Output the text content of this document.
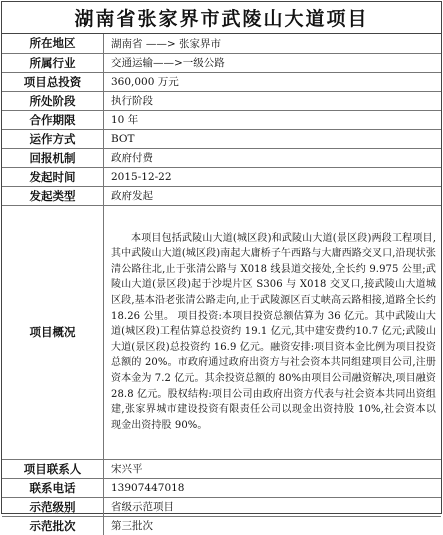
湖南省张家界市武陵山大道项目
所在地区	湖南省 ——> 张家界市
所属行业	交通运输——>一级公路
项目总投资	360,000 万元
所处阶段	执行阶段
合作期限	10 年
运作方式	BOT
回报机制	政府付费
发起时间	2015-12-22
发起类型	政府发起
项目概况	本项目包括武陵山大道(城区段)和武陵山大道(景区段)两段工程项目,其中武陵山大道(城区段)南起大庸桥子午西路与大庸西路交叉口,沿现状张清公路往北,止于张清公路与 X018 线县道交接处,全长约 9.975 公里;武陵山大道(景区段)起于沙堤片区 S306 与 X018 交叉口,接武陵山大道城区段,基本沿老张清公路走向,止于武陵源区百丈峡高云路相接,道路全长约18.26 公里。 项目投资:本项目投资总额估算为 36 亿元。其中武陵山大道(城区段)工程估算总投资约 19.1 亿元,其中建安费约10.7 亿元;武陵山大道(景区段)总投资约 16.9 亿元。融资安排:项目资本金比例为项目投资总额的 20%。市政府通过政府出资方与社会资本共同组建项目公司,注册资本金为 7.2 亿元。其余投资总额的 80%由项目公司融资解决,项目融资 28.8 亿元。股权结构:项目公司由政府出资方代表与社会资本共同出资组建,张家界城市建设投资有限责任公司以现金出资持股 10%,社会资本以现金出资持股 90%。

项目联系人	宋兴平
联系电话	13907447018
示范级别	省级示范项目
示范批次	第三批次
